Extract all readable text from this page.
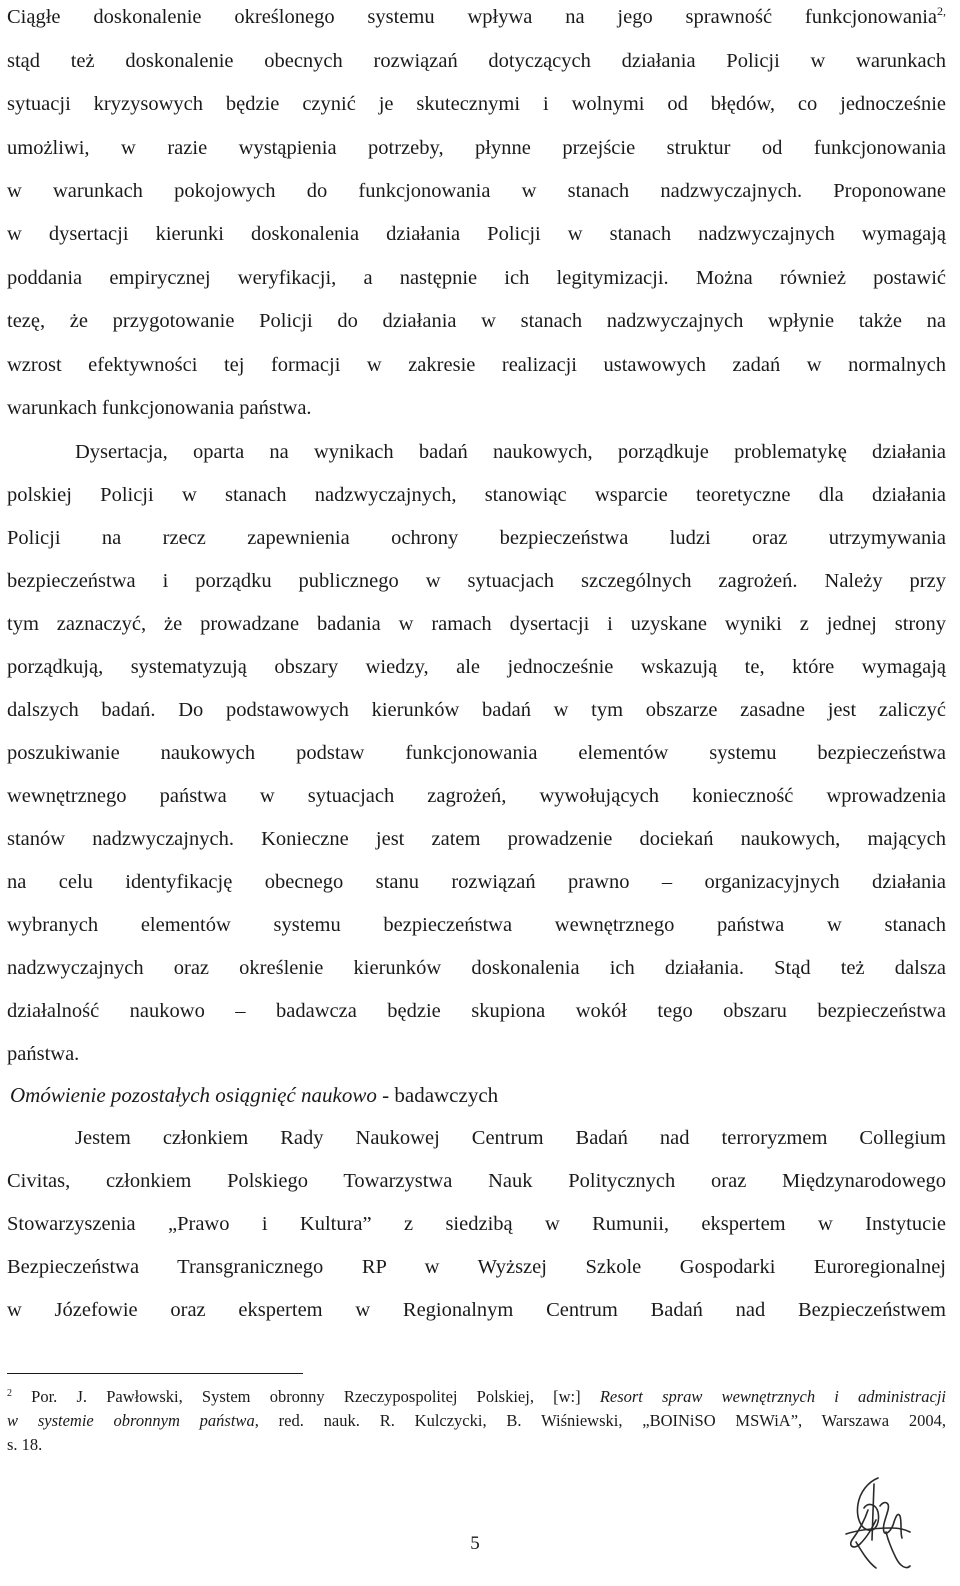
Ciągłe doskonalenie określonego systemu wpływa na jego sprawność funkcjonowania$^{2,}$
stąd też doskonalenie obecnych rozwiązań dotyczących działania Policji w warunkach
sytuacji kryzysowych będzie czynić je skutecznymi i wolnymi od błędów, co jednocześnie
umożliwi, w razie wystąpienia potrzeby, płynne przejście struktur od funkcjonowania
w warunkach pokojowych do funkcjonowania w stanach nadzwyczajnych. Proponowane
w dysertacji kierunki doskonalenia działania Policji w stanach nadzwyczajnych wymagają
poddania empirycznej weryfikacji, a następnie ich legitymizacji. Można również postawić
tezę, że przygotowanie Policji do działania w stanach nadzwyczajnych wpłynie także na
wzrost efektywności tej formacji w zakresie realizacji ustawowych zadań w normalnych
warunkach funkcjonowania państwa.
Dysertacja, oparta na wynikach badań naukowych, porządkuje problematykę działania
polskiej Policji w stanach nadzwyczajnych, stanowiąc wsparcie teoretyczne dla działania
Policji na rzecz zapewnienia ochrony bezpieczeństwa ludzi oraz utrzymywania
bezpieczeństwa i porządku publicznego w sytuacjach szczególnych zagrożeń. Należy przy
tym zaznaczyć, że prowadzane badania w ramach dysertacji i uzyskane wyniki z jednej strony
porządkują, systematyzują obszary wiedzy, ale jednocześnie wskazują te, które wymagają
dalszych badań. Do podstawowych kierunków badań w tym obszarze zasadne jest zaliczyć
poszukiwanie naukowych podstaw funkcjonowania elementów systemu bezpieczeństwa
wewnętrznego państwa w sytuacjach zagrożeń, wywołujących konieczność wprowadzenia
stanów nadzwyczajnych. Konieczne jest zatem prowadzenie dociekań naukowych, mających
na celu identyfikację obecnego stanu rozwiązań prawno – organizacyjnych działania
wybranych elementów systemu bezpieczeństwa wewnętrznego państwa w stanach
nadzwyczajnych oraz określenie kierunków doskonalenia ich działania. Stąd też dalsza
działalność naukowo – badawcza będzie skupiona wokół tego obszaru bezpieczeństwa
państwa.
Omówienie pozostałych osiągnięć naukowo - badawczych
Jestem członkiem Rady Naukowej Centrum Badań nad terroryzmem Collegium
Civitas, członkiem Polskiego Towarzystwa Nauk Politycznych oraz Międzynarodowego
Stowarzyszenia „Prawo i Kultura” z siedzibą w Rumunii, ekspertem w Instytucie
Bezpieczeństwa Transgranicznego RP w Wyższej Szkole Gospodarki Euroregionalnej
w Józefowie oraz ekspertem w Regionalnym Centrum Badań nad Bezpieczeństwem
$^2$ Por. J. Pawłowski, System obronny Rzeczypospolitej Polskiej, [w:] Resort spraw wewnętrznych i administracji
w systemie obronnym państwa, red. nauk. R. Kulczycki, B. Wiśniewski, „BOINiSO MSWiA”, Warszawa 2004,
s. 18.
5
